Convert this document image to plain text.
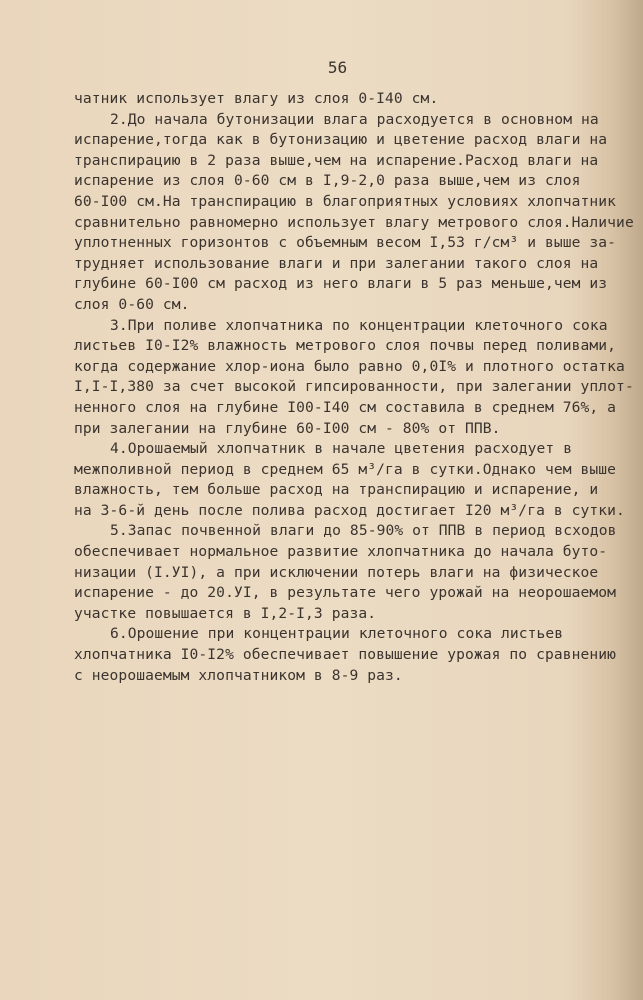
56
чатник использует влагу из слоя 0-I40 см.
2.До начала бутонизации влага расходуется в основном на
испарение,тогда как в бутонизацию и цветение расход влаги на
транспирацию в 2 раза выше,чем на испарение.Расход влаги на
испарение из слоя 0-60 см в I,9-2,0 раза выше,чем из слоя
60-I00 см.На транспирацию в благоприятных условиях хлопчатник
сравнительно равномерно использует влагу метрового слоя.Наличие
уплотненных горизонтов с объемным весом I,53 г/см³ и выше за-
трудняет использование влаги и при залегании такого слоя на
глубине 60-I00 см расход из него влаги в 5 раз меньше,чем из
слоя 0-60 см.
3.При поливе хлопчатника по концентрации клеточного сока
листьев I0-I2% влажность метрового слоя почвы перед поливами,
когда содержание хлор-иона было равно 0,0I% и плотного остатка
I,I-I,380 за счет высокой гипсированности, при залегании уплот-
ненного слоя на глубине I00-I40 см составила в среднем 76%, а
при залегании на глубине 60-I00 см - 80% от ППВ.
4.Орошаемый хлопчатник в начале цветения расходует в
межполивной период в среднем 65 м³/га в сутки.Однако чем выше
влажность, тем больше расход на транспирацию и испарение, и
на 3-6-й день после полива расход достигает I20 м³/га в сутки.
5.Запас почвенной влаги до 85-90% от ППВ в период всходов
обеспечивает нормальное развитие хлопчатника до начала буто-
низации (I.УI), а при исключении потерь влаги на физическое
испарение - до 20.УI, в результате чего урожай на неорошаемом
участке повышается в I,2-I,3 раза.
6.Орошение при концентрации клеточного сока листьев
хлопчатника I0-I2% обеспечивает повышение урожая по сравнению
с неорошаемым хлопчатником в 8-9 раз.
